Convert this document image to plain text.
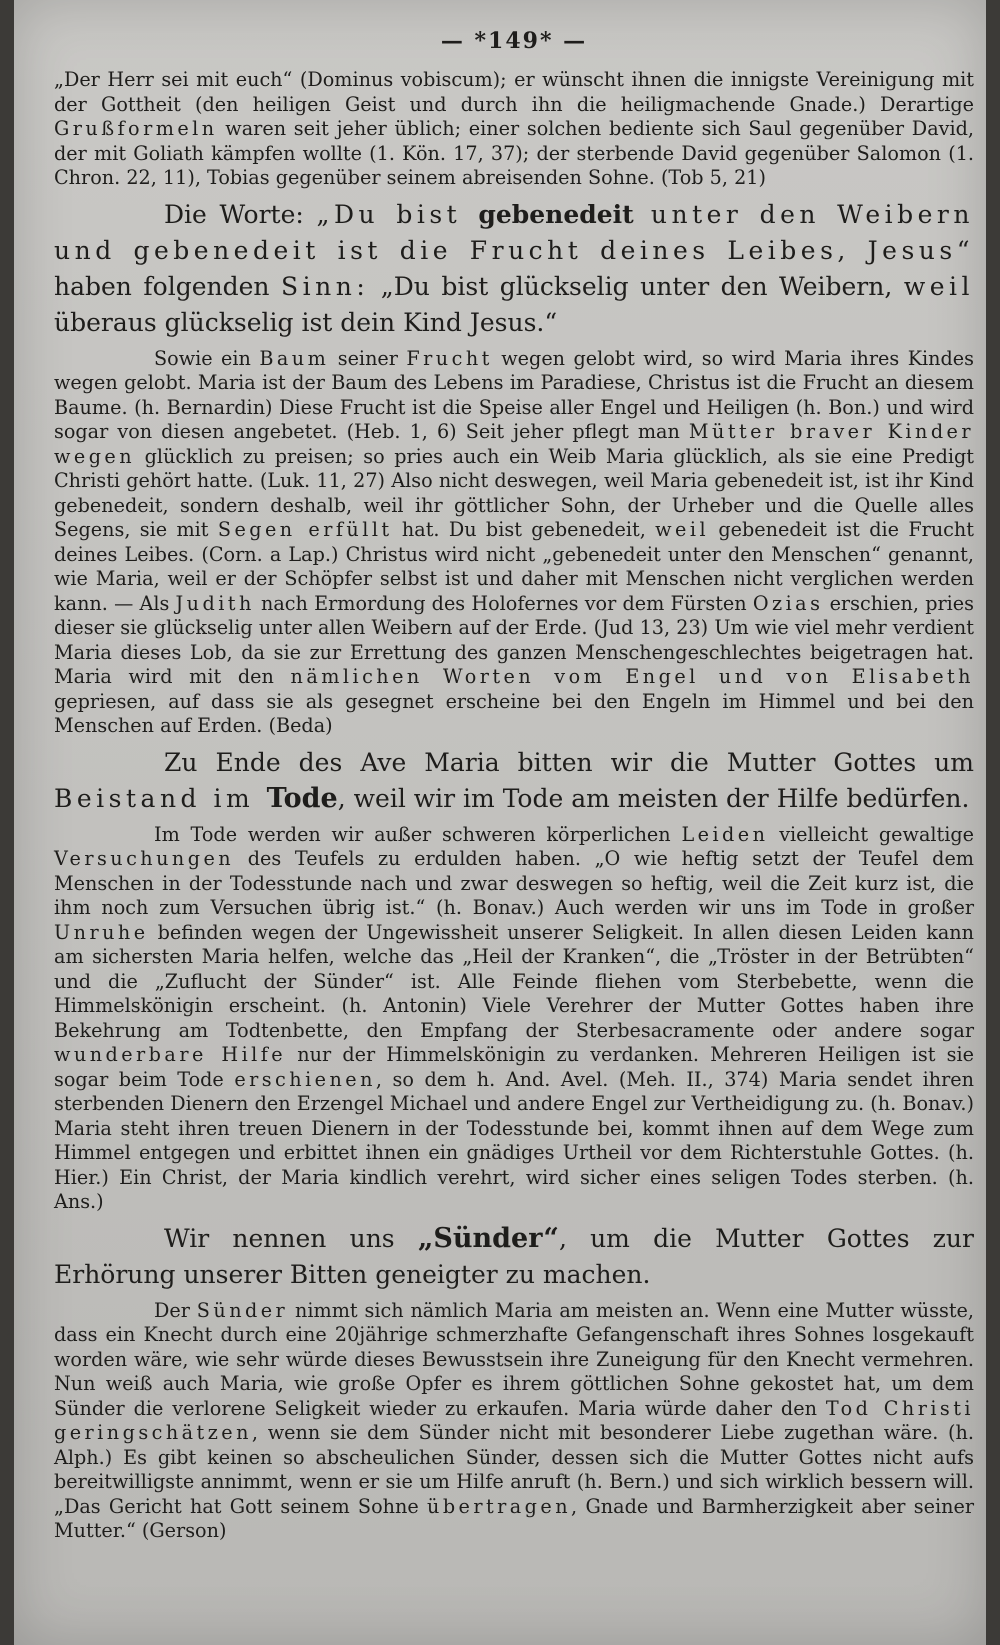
— *149* —

„Der Herr sei mit euch“ (Dominus vobiscum); er wünscht ihnen die innigste Vereinigung mit der Gottheit (den heiligen Geist und durch ihn die heiligmachende Gnade.) Derartige Grußformeln waren seit jeher üblich; einer solchen bediente sich Saul gegenüber David, der mit Goliath kämpfen wollte (1. Kön. 17, 37); der sterbende David gegenüber Salomon (1. Chron. 22, 11), Tobias gegenüber seinem abreisenden Sohne. (Tob 5, 21)

Die Worte: „Du bist gebenedeit unter den Weibern und gebenedeit ist die Frucht deines Leibes, Jesus“ haben folgenden Sinn: „Du bist glückselig unter den Weibern, weil überaus glückselig ist dein Kind Jesus.“

Sowie ein Baum seiner Frucht wegen gelobt wird, so wird Maria ihres Kindes wegen gelobt. Maria ist der Baum des Lebens im Paradiese, Christus ist die Frucht an diesem Baume. (h. Bernardin) Diese Frucht ist die Speise aller Engel und Heiligen (h. Bon.) und wird sogar von diesen angebetet. (Heb. 1, 6) Seit jeher pflegt man Mütter braver Kinder wegen glücklich zu preisen; so pries auch ein Weib Maria glücklich, als sie eine Predigt Christi gehört hatte. (Luk. 11, 27) Also nicht deswegen, weil Maria gebenedeit ist, ist ihr Kind gebenedeit, sondern deshalb, weil ihr göttlicher Sohn, der Urheber und die Quelle alles Segens, sie mit Segen erfüllt hat. Du bist gebenedeit, weil gebenedeit ist die Frucht deines Leibes. (Corn. a Lap.) Christus wird nicht „gebenedeit unter den Menschen“ genannt, wie Maria, weil er der Schöpfer selbst ist und daher mit Menschen nicht verglichen werden kann. — Als Judith nach Ermordung des Holofernes vor dem Fürsten Ozias erschien, pries dieser sie glückselig unter allen Weibern auf der Erde. (Jud 13, 23) Um wie viel mehr verdient Maria dieses Lob, da sie zur Errettung des ganzen Menschengeschlechtes beigetragen hat. Maria wird mit den nämlichen Worten vom Engel und von Elisabeth gepriesen, auf dass sie als gesegnet erscheine bei den Engeln im Himmel und bei den Menschen auf Erden. (Beda)

Zu Ende des Ave Maria bitten wir die Mutter Gottes um Beistand im Tode, weil wir im Tode am meisten der Hilfe bedürfen.

Im Tode werden wir außer schweren körperlichen Leiden vielleicht gewaltige Versuchungen des Teufels zu erdulden haben. „O wie heftig setzt der Teufel dem Menschen in der Todesstunde nach und zwar deswegen so heftig, weil die Zeit kurz ist, die ihm noch zum Versuchen übrig ist.“ (h. Bonav.) Auch werden wir uns im Tode in großer Unruhe befinden wegen der Ungewissheit unserer Seligkeit. In allen diesen Leiden kann am sichersten Maria helfen, welche das „Heil der Kranken“, die „Tröster in der Betrübten“ und die „Zuflucht der Sünder“ ist. Alle Feinde fliehen vom Sterbebette, wenn die Himmelskönigin erscheint. (h. Antonin) Viele Verehrer der Mutter Gottes haben ihre Bekehrung am Todtenbette, den Empfang der Sterbesacramente oder andere sogar wunderbare Hilfe nur der Himmelskönigin zu verdanken. Mehreren Heiligen ist sie sogar beim Tode erschienen, so dem h. And. Avel. (Meh. II., 374) Maria sendet ihren sterbenden Dienern den Erzengel Michael und andere Engel zur Vertheidigung zu. (h. Bonav.) Maria steht ihren treuen Dienern in der Todesstunde bei, kommt ihnen auf dem Wege zum Himmel entgegen und erbittet ihnen ein gnädiges Urtheil vor dem Richterstuhle Gottes. (h. Hier.) Ein Christ, der Maria kindlich verehrt, wird sicher eines seligen Todes sterben. (h. Ans.)

Wir nennen uns „Sünder“, um die Mutter Gottes zur Erhörung unserer Bitten geneigter zu machen.

Der Sünder nimmt sich nämlich Maria am meisten an. Wenn eine Mutter wüsste, dass ein Knecht durch eine 20jährige schmerzhafte Gefangenschaft ihres Sohnes losgekauft worden wäre, wie sehr würde dieses Bewusstsein ihre Zuneigung für den Knecht vermehren. Nun weiß auch Maria, wie große Opfer es ihrem göttlichen Sohne gekostet hat, um dem Sünder die verlorene Seligkeit wieder zu erkaufen. Maria würde daher den Tod Christi geringschätzen, wenn sie dem Sünder nicht mit besonderer Liebe zugethan wäre. (h. Alph.) Es gibt keinen so abscheulichen Sünder, dessen sich die Mutter Gottes nicht aufs bereitwilligste annimmt, wenn er sie um Hilfe anruft (h. Bern.) und sich wirklich bessern will. „Das Gericht hat Gott seinem Sohne übertragen, Gnade und Barmherzigkeit aber seiner Mutter.“ (Gerson)
